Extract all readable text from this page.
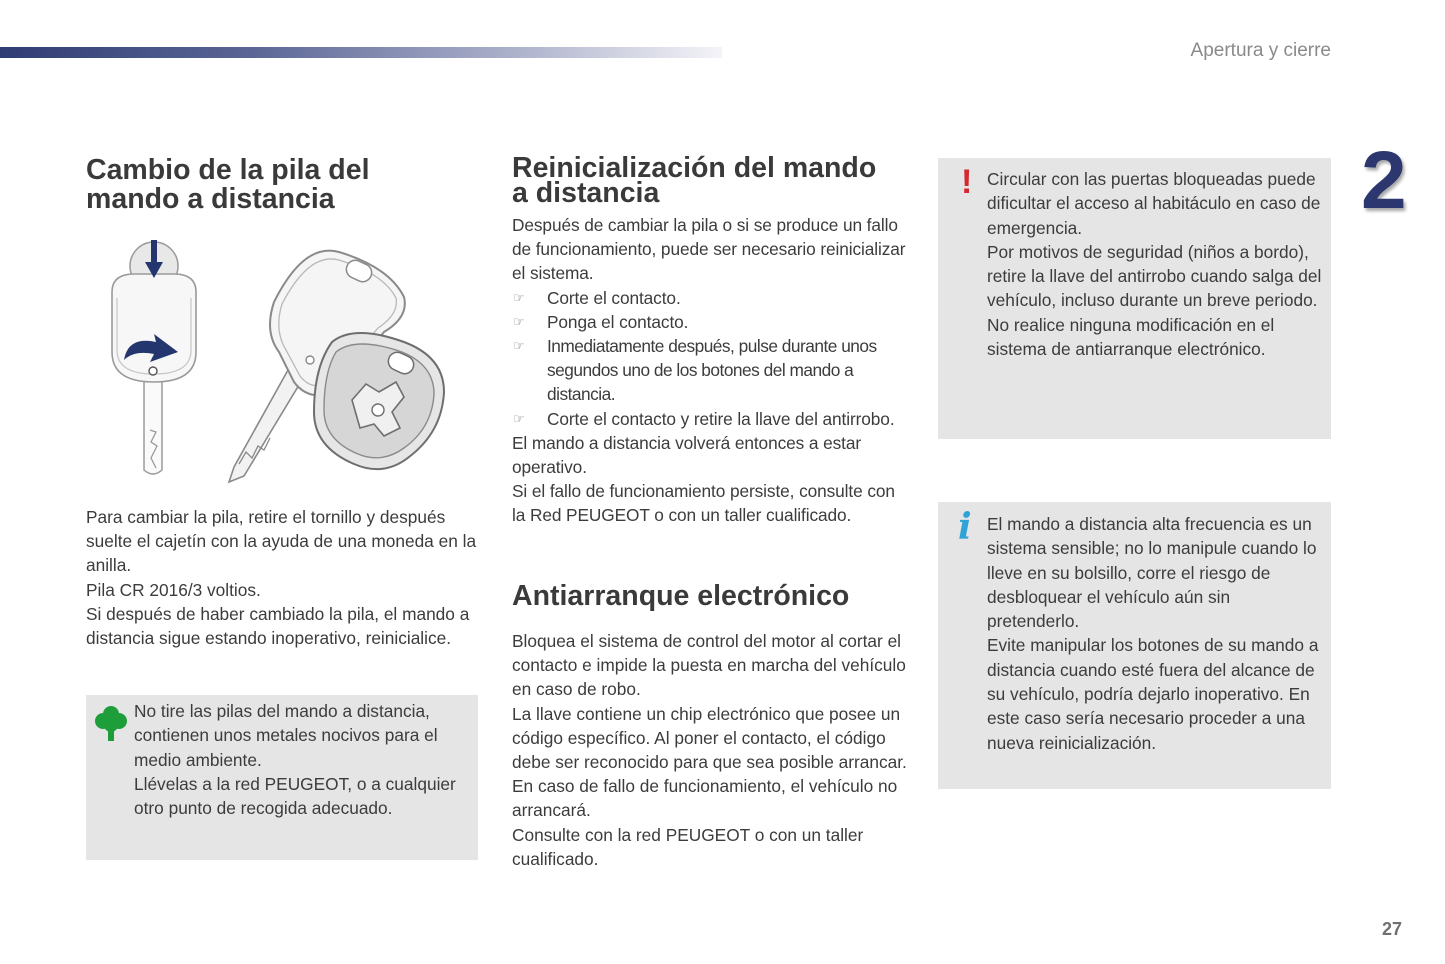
Apertura y cierre
2
27
Cambio de la pila del
mando a distancia

Para cambiar la pila, retire el tornillo y después suelte el cajetín con la ayuda de una moneda en la anilla.

Pila CR 2016/3 voltios.

Si después de haber cambiado la pila, el mando a distancia sigue estando inoperativo, reinicialice.

No tire las pilas del mando a distancia, contienen unos metales nocivos para el medio ambiente.

Llévelas a la red PEUGEOT, o a cualquier otro punto de recogida adecuado.

Reinicialización del mando
a distancia

Después de cambiar la pila o si se produce un fallo de funcionamiento, puede ser necesario reinicializar el sistema.

☞ Corte el contacto.

☞ Ponga el contacto.

☞ Inmediatamente después, pulse durante unos segundos uno de los botones del mando a distancia.

☞ Corte el contacto y retire la llave del antirrobo.

El mando a distancia volverá entonces a estar operativo.

Si el fallo de funcionamiento persiste, consulte con la Red PEUGEOT o con un taller cualificado.

Antiarranque electrónico

Bloquea el sistema de control del motor al cortar el contacto e impide la puesta en marcha del vehículo en caso de robo.

La llave contiene un chip electrónico que posee un código específico. Al poner el contacto, el código debe ser reconocido para que sea posible arrancar.

En caso de fallo de funcionamiento, el vehículo no arrancará.

Consulte con la red PEUGEOT o con un taller cualificado.

Circular con las puertas bloqueadas puede dificultar el acceso al habitáculo en caso de emergencia.

Por motivos de seguridad (niños a bordo), retire la llave del antirrobo cuando salga del vehículo, incluso durante un breve periodo.

No realice ninguna modificación en el sistema de antiarranque electrónico.

!

El mando a distancia alta frecuencia es un sistema sensible; no lo manipule cuando lo lleve en su bolsillo, corre el riesgo de desbloquear el vehículo aún sin pretenderlo.

Evite manipular los botones de su mando a distancia cuando esté fuera del alcance de su vehículo, podría dejarlo inoperativo. En este caso sería necesario proceder a una nueva reinicialización.

i
